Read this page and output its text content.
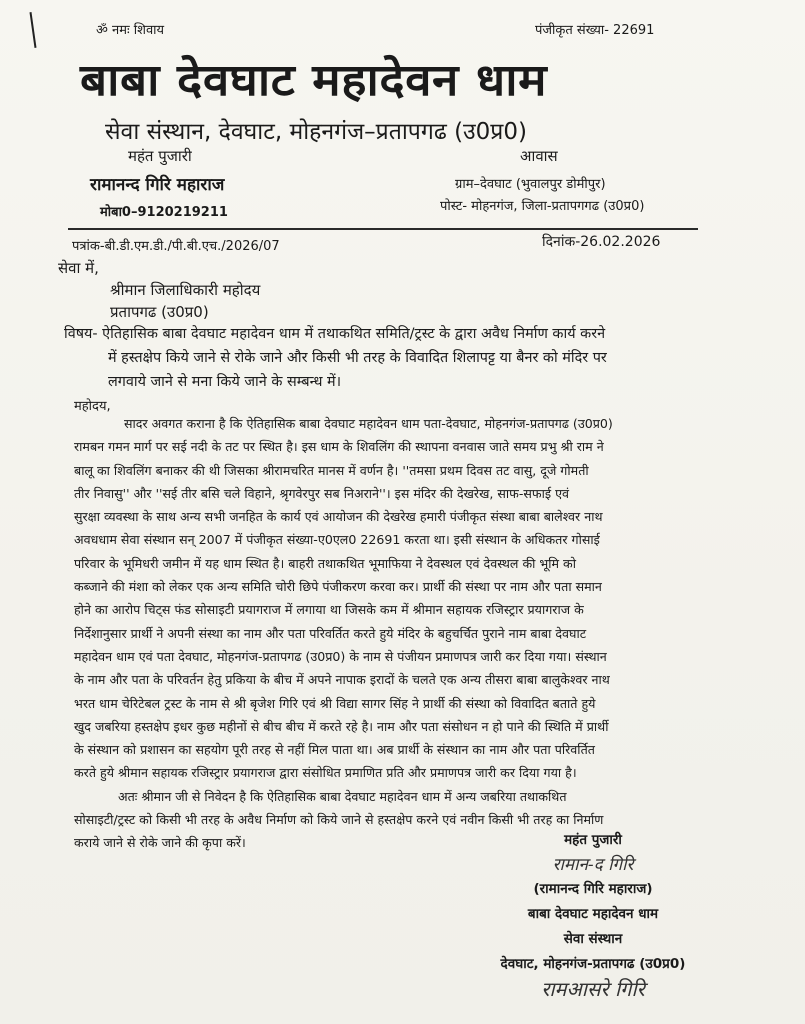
ॐ नमः शिवाय	पंजीकृत संख्या- 22691
बाबा देवघाट महादेवन धाम
सेवा संस्थान, देवघाट, मोहनगंज–प्रतापगढ (उ0प्र0)
महंत पुजारी	आवास
रामानन्द गिरि महाराज	ग्राम–देवघाट (भुवालपुर डोमीपुर)
मोबा0–9120219211	पोस्ट- मोहनगंज, जिला-प्रतापगगढ (उ0प्र0)
पत्रांक-बी.डी.एम.डी./पी.बी.एच./2026/07	दिनांक-26.02.2026
सेवा में,
श्रीमान जिलाधिकारी महोदय
प्रतापगढ (उ0प्र0)
विषय- ऐतिहासिक बाबा देवघाट महादेवन धाम में तथाकथित समिति/ट्रस्ट के द्वारा अवैध निर्माण कार्य करने
में हस्तक्षेप किये जाने से रोके जाने और किसी भी तरह के विवादित शिलापट्ट या बैनर को मंदिर पर
लगवाये जाने से मना किये जाने के सम्बन्ध में।
महोदय,

सादर अवगत कराना है कि ऐतिहासिक बाबा देवघाट महादेवन धाम पता-देवघाट, मोहनगंज-प्रतापगढ (उ0प्र0)

रामबन गमन मार्ग पर सई नदी के तट पर स्थित है। इस धाम के शिवलिंग की स्थापना वनवास जाते समय प्रभु श्री राम ने

बालू का शिवलिंग बनाकर की थी जिसका श्रीरामचरित मानस में वर्णन है। ''तमसा प्रथम दिवस तट वासु, दूजे गोमती

तीर निवासु'' और ''सई तीर बसि चले विहाने, श्रृगवेरपुर सब निअराने''। इस मंदिर की देखरेख, साफ-सफाई एवं

सुरक्षा व्यवस्था के साथ अन्य सभी जनहित के कार्य एवं आयोजन की देखरेख हमारी पंजीकृत संस्था बाबा बालेश्वर नाथ

अवधधाम सेवा संस्थान सन् 2007 में पंजीकृत संख्या-ए0एल0 22691 करता था। इसी संस्थान के अधिकतर गोसाई

परिवार के भूमिधरी जमीन में यह धाम स्थित है। बाहरी तथाकथित भूमाफिया ने देवस्थल एवं देवस्थल की भूमि को

कब्जाने की मंशा को लेकर एक अन्य समिति चोरी छिपे पंजीकरण करवा कर। प्रार्थी की संस्था पर नाम और पता समान

होने का आरोप चिट्स फंड सोसाइटी प्रयागराज में लगाया था जिसके कम में श्रीमान सहायक रजिस्ट्रार प्रयागराज के

निर्देशानुसार प्रार्थी ने अपनी संस्था का नाम और पता परिवर्तित करते हुये मंदिर के बहुचर्चित पुराने नाम बाबा देवघाट

महादेवन धाम एवं पता देवघाट, मोहनगंज-प्रतापगढ (उ0प्र0) के नाम से पंजीयन प्रमाणपत्र जारी कर दिया गया। संस्थान

के नाम और पता के परिवर्तन हेतु प्रकिया के बीच में अपने नापाक इरादों के चलते एक अन्य तीसरा बाबा बालुकेश्वर नाथ

भरत धाम चेरिटेबल ट्रस्ट के नाम से श्री बृजेश गिरि एवं श्री विद्या सागर सिंह ने प्रार्थी की संस्था को विवादित बताते हुये

खुद जबरिया हस्तक्षेप इधर कुछ महीनों से बीच बीच में करते रहे है। नाम और पता संसोधन न हो पाने की स्थिति में प्रार्थी

के संस्थान को प्रशासन का सहयोग पूरी तरह से नहीं मिल पाता था। अब प्रार्थी के संस्थान का नाम और पता परिवर्तित

करते हुये श्रीमान सहायक रजिस्ट्रार प्रयागराज द्वारा संसोधित प्रमाणित प्रति और प्रमाणपत्र जारी कर दिया गया है।

अतः श्रीमान जी से निवेदन है कि ऐतिहासिक बाबा देवघाट महादेवन धाम में अन्य जबरिया तथाकथित

सोसाइटी/ट्रस्ट को किसी भी तरह के अवैध निर्माण को किये जाने से हस्तक्षेप करने एवं नवीन किसी भी तरह का निर्माण

कराये जाने से रोके जाने की कृपा करें।	महंत पुजारी
रामान-द गिरि
(रामानन्द गिरि महाराज)
बाबा देवघाट महादेवन धाम
सेवा संस्थान
देवघाट, मोहनगंज-प्रतापगढ (उ0प्र0)
रामआसरे गिरि
